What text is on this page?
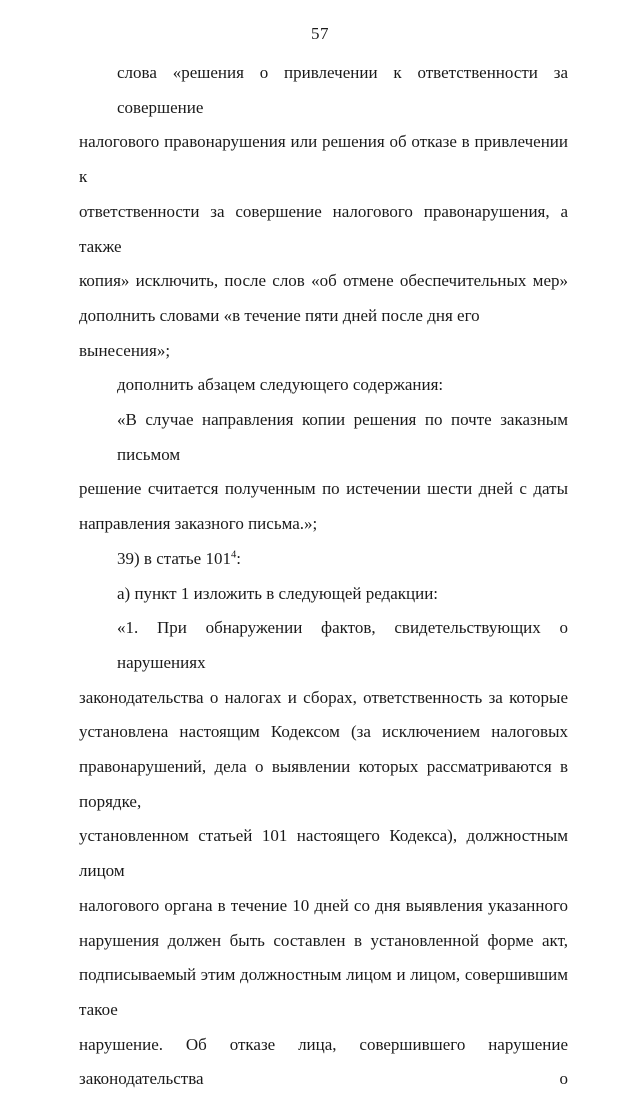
57
слова «решения о привлечении к ответственности за совершение
налогового правонарушения или решения об отказе в привлечении к
ответственности за совершение налогового правонарушения, а также
копия» исключить, после слов «об отмене обеспечительных мер»
дополнить словами «в течение пяти дней после дня его вынесения»;
дополнить абзацем следующего содержания:
«В случае направления копии решения по почте заказным письмом
решение считается полученным по истечении шести дней с даты
направления заказного письма.»;
39) в статье $101^4$:
а) пункт 1 изложить в следующей редакции:
«1. При обнаружении фактов, свидетельствующих о нарушениях
законодательства о налогах и сборах, ответственность за которые
установлена настоящим Кодексом (за исключением налоговых
правонарушений, дела о выявлении которых рассматриваются в порядке,
установленном статьей 101 настоящего Кодекса), должностным лицом
налогового органа в течение 10 дней со дня выявления указанного
нарушения должен быть составлен в установленной форме акт,
подписываемый этим должностным лицом и лицом, совершившим такое
нарушение. Об отказе лица, совершившего нарушение законодательства о
